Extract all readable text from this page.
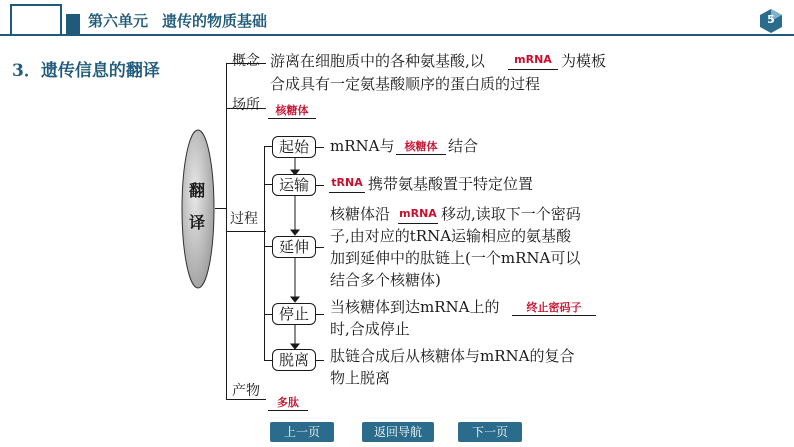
第六单元 遗传的物质基础	5
3．遗传信息的翻译
翻
译
概念 游离在细胞质中的各种氨基酸,以	mRNA 为模板
合成具有一定氨基酸顺序的蛋白质的过程
场所	核糖体
过程
起始	mRNA与 核糖体 结合
运输	tRNA 携带氨基酸置于特定位置
延伸
核糖体沿 mRNA 移动,读取下一个密码
子,由对应的tRNA运输相应的氨基酸
加到延伸中的肽链上(一个mRNA可以
结合多个核糖体)
停止	当核糖体到达mRNA上的	终止密码子
时,合成停止
脱离	肽链合成后从核糖体与mRNA的复合
物上脱离
产物
多肽
上一页	返回导航	下一页
